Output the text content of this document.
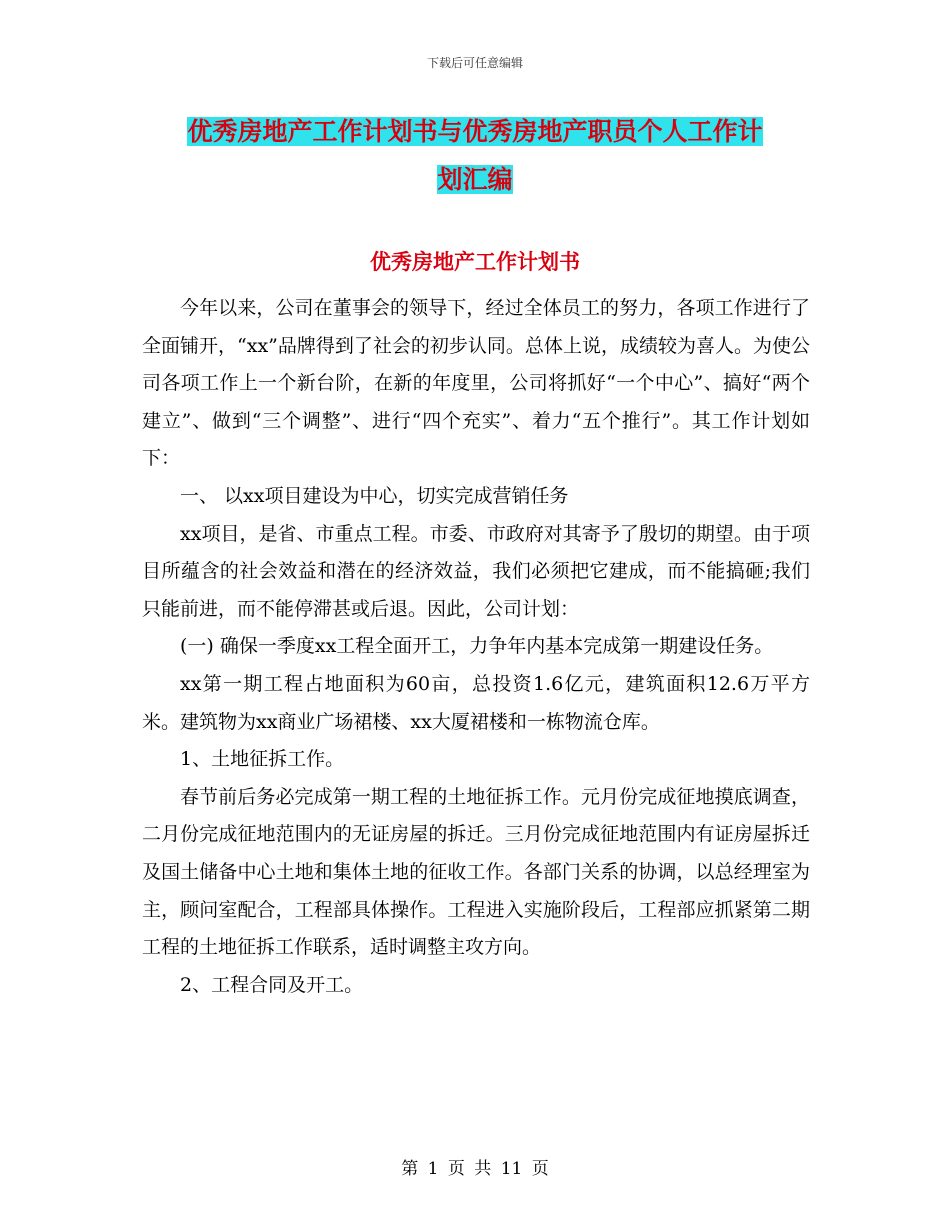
下载后可任意编辑
优秀房地产工作计划书与优秀房地产职员个人工作计
划汇编
优秀房地产工作计划书

今年以来，公司在董事会的领导下，经过全体员工的努力，各项工作进行了全面铺开，“xx”品牌得到了社会的初步认同。总体上说，成绩较为喜人。为使公司各项工作上一个新台阶，在新的年度里，公司将抓好“一个中心”、搞好“两个建立”、做到“三个调整”、进行“四个充实”、着力“五个推行”。其工作计划如下：

一、 以xx项目建设为中心，切实完成营销任务

xx项目，是省、市重点工程。市委、市政府对其寄予了殷切的期望。由于项目所蕴含的社会效益和潜在的经济效益，我们必须把它建成，而不能搞砸;我们只能前进，而不能停滞甚或后退。因此，公司计划：

(一) 确保一季度xx工程全面开工，力争年内基本完成第一期建设任务。

xx第一期工程占地面积为60亩，总投资1.6亿元，建筑面积12.6万平方米。建筑物为xx商业广场裙楼、xx大厦裙楼和一栋物流仓库。

1、土地征拆工作。

春节前后务必完成第一期工程的土地征拆工作。元月份完成征地摸底调查，二月份完成征地范围内的无证房屋的拆迁。三月份完成征地范围内有证房屋拆迁及国土储备中心土地和集体土地的征收工作。各部门关系的协调，以总经理室为主，顾问室配合，工程部具体操作。工程进入实施阶段后，工程部应抓紧第二期工程的土地征拆工作联系，适时调整主攻方向。

2、工程合同及开工。

第 1 页 共 11 页
